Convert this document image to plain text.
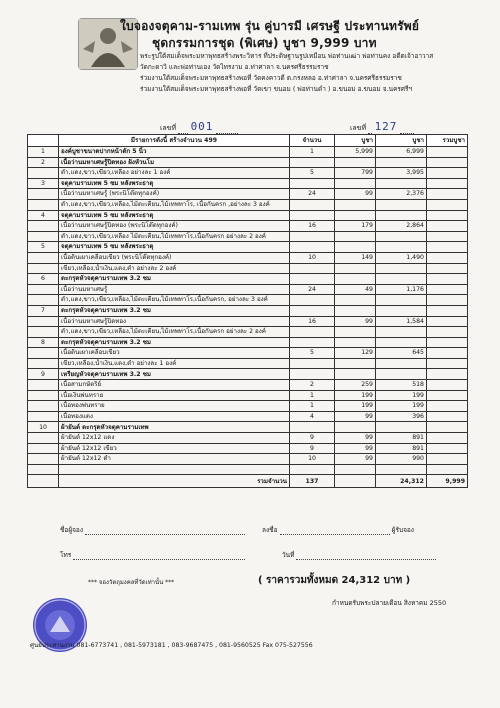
ใบจองจตุคาม-รามเทพ รุ่น คู่บารมี เศรษฐี ประทานทรัพย์
ชุดกรรมการชุด (พิเศษ) บูชา 9,999 บาท
พระรูปใต้สมเด็จพระมหาพุทธสร้างพระวิหาร ที่ประดิษฐานรูปเหมือน พ่อท่านเฒ่า พ่อท่านคง อดีตเจ้าอาวาส
วัดกะดาวิ และพ่อท่านเอง วัดไทรงาม อ.ท่าศาลา จ.นครศรีธรรมราช
ร่วมงานใต้สมเด็จพระมหาพุทธสร้างพอที่ วัดคงคาวดี ต.กรงหลอ อ.ท่าศาลา จ.นครศรีธรรมราช
ร่วมงานใต้สมเด็จพระมหาพุทธสร้างพอที่ วัดเขา ขนอม ( พ่อท่านดำ ) อ.ขนอม อ.ขนอม จ.นครศรีฯ
เลขที่ 001	เลขที่ 127
	มีรายการดังนี้ สร้างจำนวน 499	จำนวน	บูชา	บูชา	รวมบูชา
1	องค์บูชาขนาดปากหน้าตัก 5 นิ้ว	1	5,999	6,999	
2	เนื้อว่านมหาเศษรู้ปิดทอง ฝังหัวนโม				
	ดำ,แดง,ขาว,เขียว,เหลือง อย่างละ 1 องค์	5	799	3,995	
3	จตุคามรามเทพ 5 ซม หลังพระธาตุ				
	เนื้อว่านมหาเศษรู้ (พระนิโต๊ตทุกองค์)	24	99	2,376	
	ดำ,แดง,ขาว,เขียว,เหลือง,ไม้ตะเคียน,ไม้เทพทาโร, เนื้อกันครก ,อย่างละ 3 องค์				
4	จตุคามรามเทพ 5 ซม หลังพระธาตุ				
	เนื้อว่านมหาเศษรู้ปิดทอง (พระนิโต๊ตทุกองค์)	16	179	2,864	
	ดำ,แดง,ขาว,เขียว,เหลือง ไม้ตะเคียน,ไม้เทพทาโร,เนื้อกันครก อย่างละ 2 องค์				
5	จตุคามรามเทพ 5 ซม หลังพระธาตุ				
	เนื้อดินเผาเคลือบเขียว (พระนิโต๊ตทุกองค์)	10	149	1,490	
	เขียว,เหลือง,น้ำเงิน,แดง,ดำ อย่างละ 2 องค์				
6	ตะกรุดหัวจตุคามรามเทพ 3.2 ซม				
	เนื้อว่านมหาเศษรู้	24	49	1,176	
	ดำ,แดง,ขาว,เขียว,เหลือง,ไม้ตะเคียน,ไม้เทพทาโร,เนื้อกันครก, อย่างละ 3 องค์				
7	ตะกรุดหัวจตุคามรามเทพ 3.2 ซม				
	เนื้อว่านมหาเศษรู้ปิดทอง	16	99	1,584	
	ดำ,แดง,ขาว,เขียว,เหลือง,ไม้ตะเคียน,ไม้เทพทาโร,เนื้อกันครก อย่างละ 2 องค์				
8	ตะกรุดหัวจตุคามรามเทพ 3.2 ซม				
	เนื้อดินเผาเคลือบเขียว	5	129	645	
	เขียว,เหลือง,น้ำเงิน,แดง,ดำ อย่างละ 1 องค์				
9	เหรียญหัวจตุคามรามเทพ 3.2 ซม				
	เนื้อสามกษัตริย์	2	259	518	
	เนื้อเงินพ่นทราย	1	199	199	
	เนื้อทองพ่นทราย	1	199	199	
	เนื้อทองแดง	4	99	396	
10	ผ้ายันต์ ตะกรุดหัวจตุคามรามเทพ				
	ผ้ายันต์ 12x12 แดง	9	99	891	
	ผ้ายันต์ 12x12 เขียว	9	99	891	
	ผ้ายันต์ 12x12 ดำ	10	99	990	

	รวมจำนวน	137		24,312	9,999
ชื่อผู้จอง	ลงชื่อ	ผู้รับจอง
โทร	วันที่
*** จองวัตถุมงคลที่วัดเท่านั้น ***	( ราคารวมทั้งหมด 24,312 บาท )
กำหนดรับพระปลายเดือน สิงหาคม 2550
ศูนย์ประสานงาน 081-6773741 , 081-5973181 , 083-9687475 , 081-9560525 Fax 075-527556
